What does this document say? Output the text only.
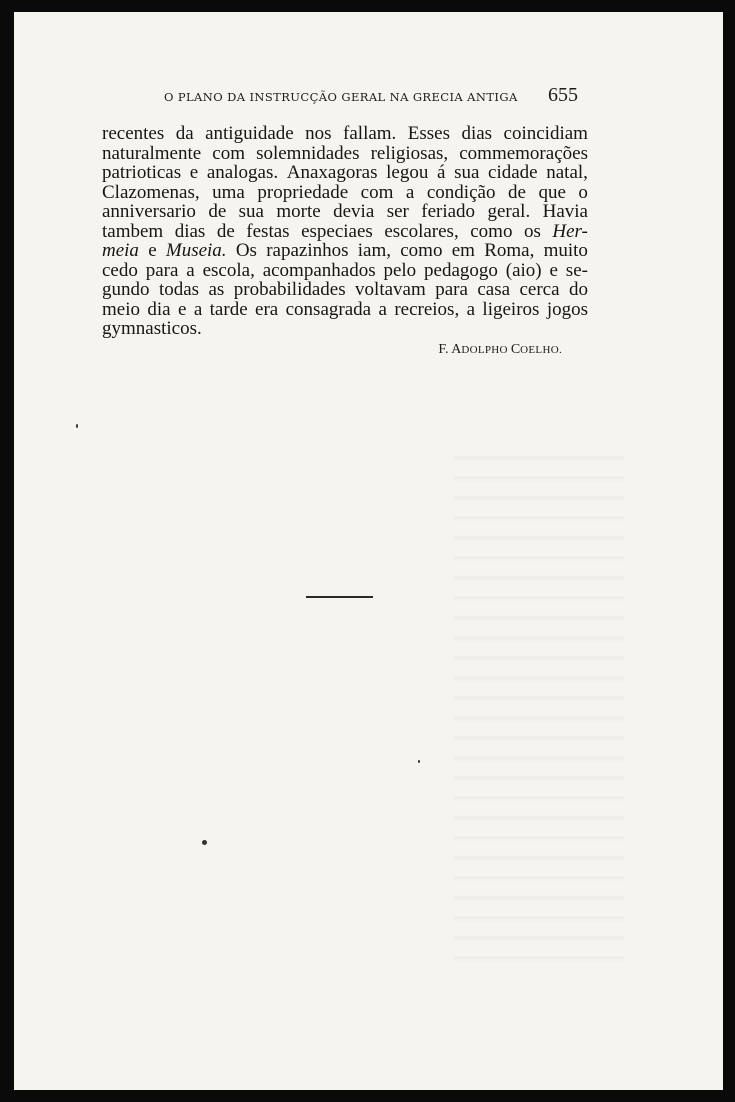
O PLANO DA INSTRUCÇÃO GERAL NA GRECIA ANTIGA	655
recentes da antiguidade nos fallam. Esses dias coincidiam
naturalmente com solemnidades religiosas, commemorações
patrioticas e analogas. Anaxagoras legou á sua cidade natal,
Clazomenas, uma propriedade com a condição de que o
anniversario de sua morte devia ser feriado geral. Havia
tambem dias de festas especiaes escolares, como os Her-
meia e Museia. Os rapazinhos iam, como em Roma, muito
cedo para a escola, acompanhados pelo pedagogo (aio) e se-
gundo todas as probabilidades voltavam para casa cerca do
meio dia e a tarde era consagrada a recreios, a ligeiros jogos
gymnasticos.
F. ADOLPHO COELHO.
